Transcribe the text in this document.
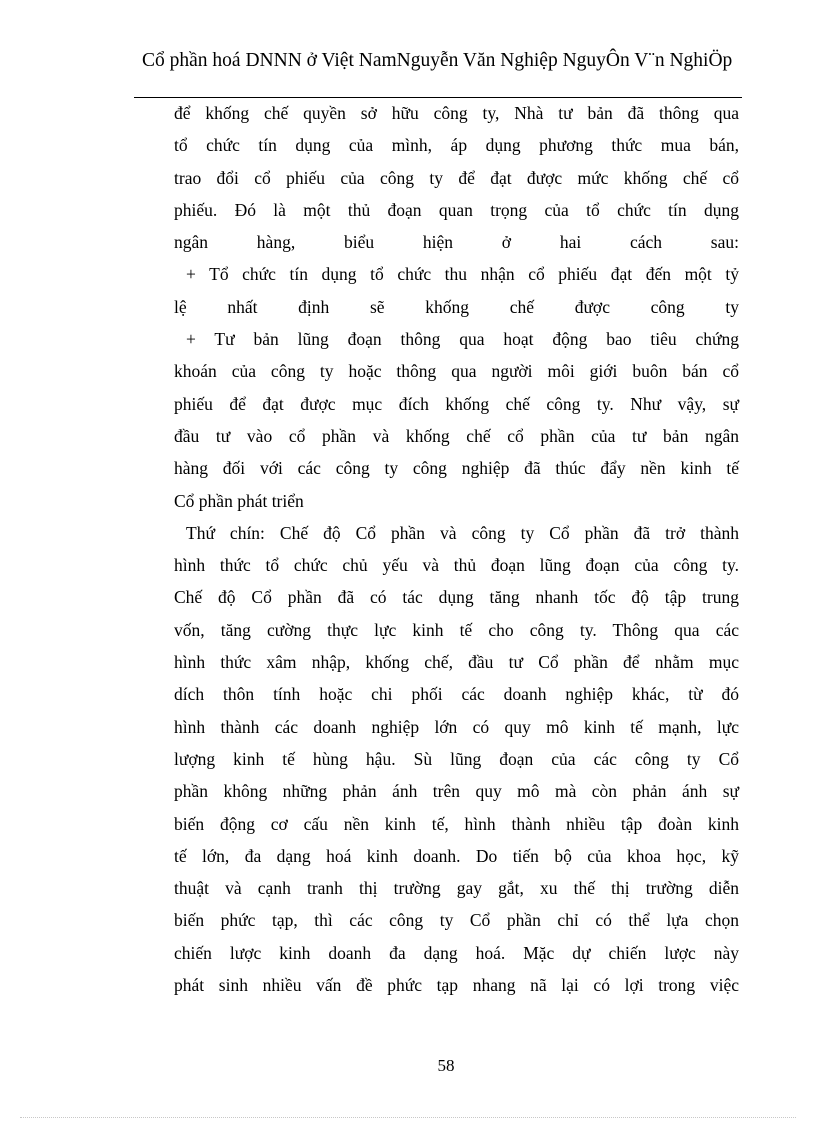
Cổ phần hoá DNNN ở Việt NamNguyễn Văn Nghiệp NguyÔn V¨n NghiÖp
để khống chế quyền sở hữu công ty, Nhà tư bản đã thông qua
tổ chức tín dụng của mình, áp dụng phương thức mua bán,
trao đổi cổ phiếu của công ty để đạt được mức khống chế cổ
phiếu. Đó là một thủ đoạn quan trọng của tổ chức tín dụng
ngân hàng, biểu hiện ở hai cách sau:
+ Tổ chức tín dụng tổ chức thu nhận cổ phiếu đạt đến một tỷ
lệ nhất định sẽ khống chế được công ty
+ Tư bản lũng đoạn thông qua hoạt động bao tiêu chứng
khoán của công ty hoặc thông qua người môi giới buôn bán cổ
phiếu để đạt được mục đích khống chế công ty. Như vậy, sự
đầu tư vào cổ phần và khống chế cổ phần của tư bản ngân
hàng đối với các công ty công nghiệp đã thúc đẩy nền kinh tế
Cổ phần phát triển
Thứ chín: Chế độ Cổ phần và công ty Cổ phần đã trở thành
hình thức tổ chức chủ yếu và thủ đoạn lũng đoạn của công ty.
Chế độ Cổ phần đã có tác dụng tăng nhanh tốc độ tập trung
vốn, tăng cường thực lực kinh tế cho công ty. Thông qua các
hình thức xâm nhập, khống chế, đầu tư Cổ phần để nhằm mục
dích thôn tính hoặc chi phối các doanh nghiệp khác, từ đó
hình thành các doanh nghiệp lớn có quy mô kinh tế mạnh, lực
lượng kinh tế hùng hậu. Sù lũng đoạn của các công ty Cổ
phần không những phản ánh trên quy mô mà còn phản ánh sự
biến động cơ cấu nền kinh tế, hình thành nhiều tập đoàn kinh
tế lớn, đa dạng hoá kinh doanh. Do tiến bộ của khoa học, kỹ
thuật và cạnh tranh thị trường gay gắt, xu thế thị trường diễn
biến phức tạp, thì các công ty Cổ phần chỉ có thể lựa chọn
chiến lược kinh doanh đa dạng hoá. Mặc dự chiến lược này
phát sinh nhiều vấn đề phức tạp nhang nã lại có lợi trong việc
58
